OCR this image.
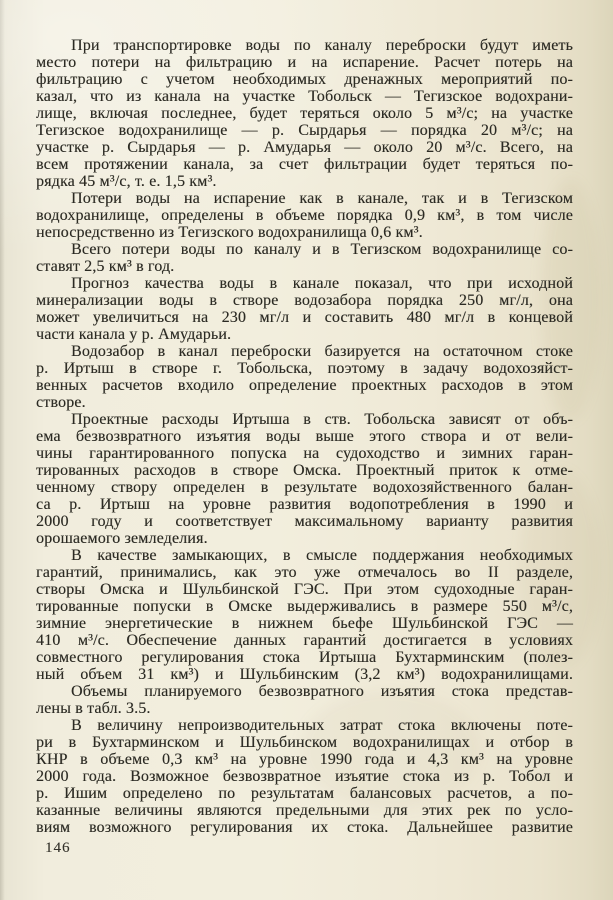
При транспортировке воды по каналу переброски будут иметь
место потери на фильтрацию и на испарение. Расчет потерь на
фильтрацию с учетом необходимых дренажных мероприятий по-
казал, что из канала на участке Тобольск — Тегизское водохрани-
лище, включая последнее, будет теряться около 5 м³/с; на участке
Тегизское водохранилище — р. Сырдарья — порядка 20 м³/с; на
участке р. Сырдарья — р. Амударья — около 20 м³/с. Всего, на
всем протяжении канала, за счет фильтрации будет теряться по-
рядка 45 м³/с, т. е. 1,5 км³.
Потери воды на испарение как в канале, так и в Тегизском
водохранилище, определены в объеме порядка 0,9 км³, в том числе
непосредственно из Тегизского водохранилища 0,6 км³.
Всего потери воды по каналу и в Тегизском водохранилище со-
ставят 2,5 км³ в год.
Прогноз качества воды в канале показал, что при исходной
минерализации воды в створе водозабора порядка 250 мг/л, она
может увеличиться на 230 мг/л и составить 480 мг/л в концевой
части канала у р. Амударьи.
Водозабор в канал переброски базируется на остаточном стоке
р. Иртыш в створе г. Тобольска, поэтому в задачу водохозяйст-
венных расчетов входило определение проектных расходов в этом
створе.
Проектные расходы Иртыша в ств. Тобольска зависят от объ-
ема безвозвратного изъятия воды выше этого створа и от вели-
чины гарантированного попуска на судоходство и зимних гаран-
тированных расходов в створе Омска. Проектный приток к отме-
ченному створу определен в результате водохозяйственного балан-
са р. Иртыш на уровне развития водопотребления в 1990 и
2000 году и соответствует максимальному варианту развития
орошаемого земледелия.
В качестве замыкающих, в смысле поддержания необходимых
гарантий, принимались, как это уже отмечалось во II разделе,
створы Омска и Шульбинской ГЭС. При этом судоходные гаран-
тированные попуски в Омске выдерживались в размере 550 м³/с,
зимние энергетические в нижнем бьефе Шульбинской ГЭС —
410 м³/с. Обеспечение данных гарантий достигается в условиях
совместного регулирования стока Иртыша Бухтарминским (полез-
ный объем 31 км³) и Шульбинским (3,2 км³) водохранилищами.
Объемы планируемого безвозвратного изъятия стока представ-
лены в табл. 3.5.
В величину непроизводительных затрат стока включены поте-
ри в Бухтарминском и Шульбинском водохранилищах и отбор в
КНР в объеме 0,3 км³ на уровне 1990 года и 4,3 км³ на уровне
2000 года. Возможное безвозвратное изъятие стока из р. Тобол и
р. Ишим определено по результатам балансовых расчетов, а по-
казанные величины являются предельными для этих рек по усло-
виям возможного регулирования их стока. Дальнейшее развитие
146
